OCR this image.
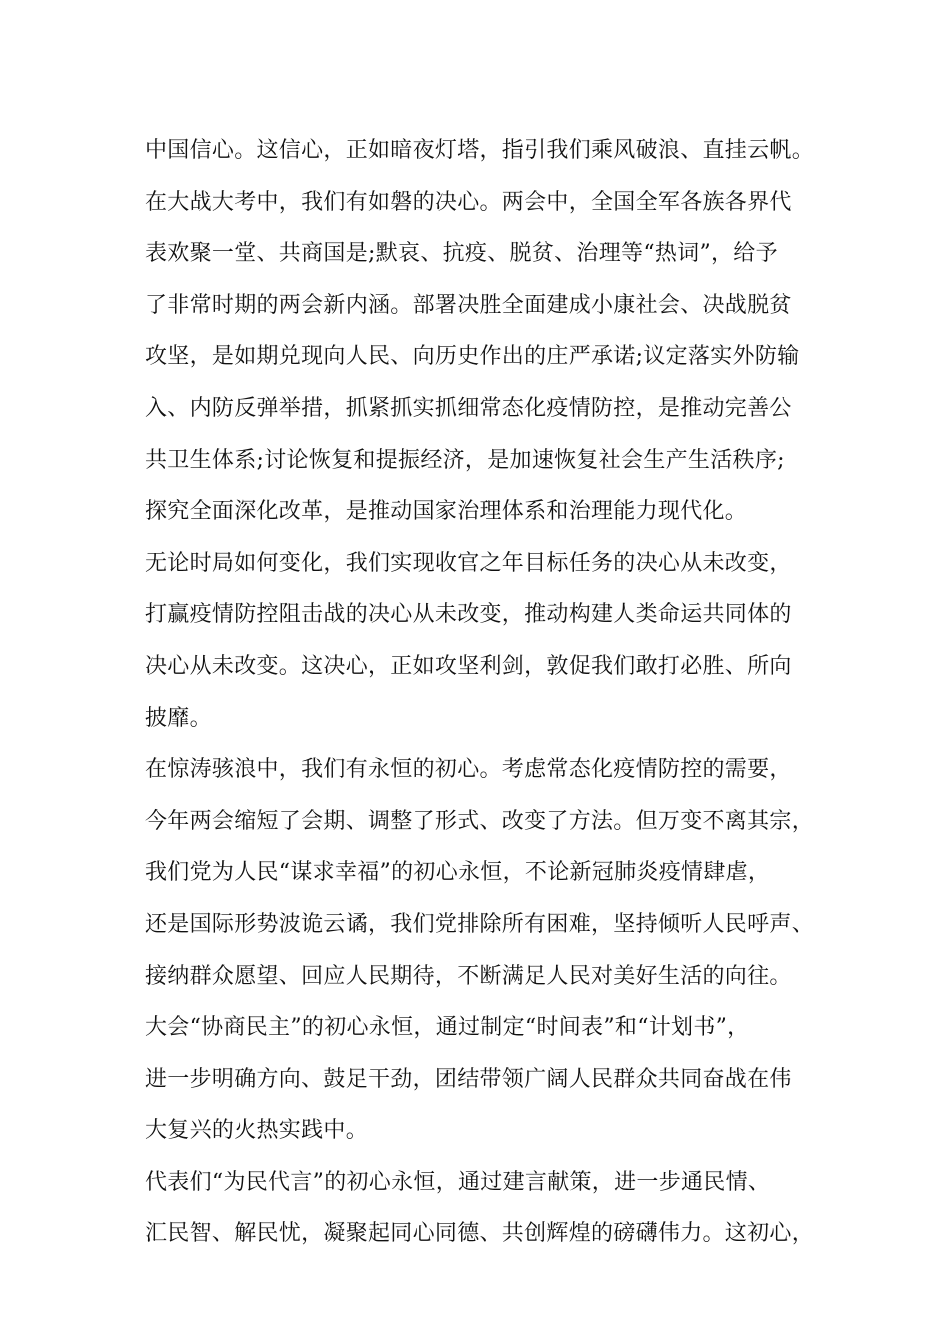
中国信心。这信心，正如暗夜灯塔，指引我们乘风破浪、直挂云帆。
在大战大考中，我们有如磐的决心。两会中，全国全军各族各界代
表欢聚一堂、共商国是;默哀、抗疫、脱贫、治理等“热词”，给予
了非常时期的两会新内涵。部署决胜全面建成小康社会、决战脱贫
攻坚，是如期兑现向人民、向历史作出的庄严承诺;议定落实外防输
入、内防反弹举措，抓紧抓实抓细常态化疫情防控，是推动完善公
共卫生体系;讨论恢复和提振经济，是加速恢复社会生产生活秩序;
探究全面深化改革，是推动国家治理体系和治理能力现代化。
无论时局如何变化，我们实现收官之年目标任务的决心从未改变，
打赢疫情防控阻击战的决心从未改变，推动构建人类命运共同体的
决心从未改变。这决心，正如攻坚利剑，敦促我们敢打必胜、所向
披靡。
在惊涛骇浪中，我们有永恒的初心。考虑常态化疫情防控的需要，
今年两会缩短了会期、调整了形式、改变了方法。但万变不离其宗，
我们党为人民“谋求幸福”的初心永恒，不论新冠肺炎疫情肆虐，
还是国际形势波诡云谲，我们党排除所有困难，坚持倾听人民呼声、
接纳群众愿望、回应人民期待，不断满足人民对美好生活的向往。
大会“协商民主”的初心永恒，通过制定“时间表”和“计划书”，
进一步明确方向、鼓足干劲，团结带领广阔人民群众共同奋战在伟
大复兴的火热实践中。
代表们“为民代言”的初心永恒，通过建言献策，进一步通民情、
汇民智、解民忧，凝聚起同心同德、共创辉煌的磅礴伟力。这初心，
